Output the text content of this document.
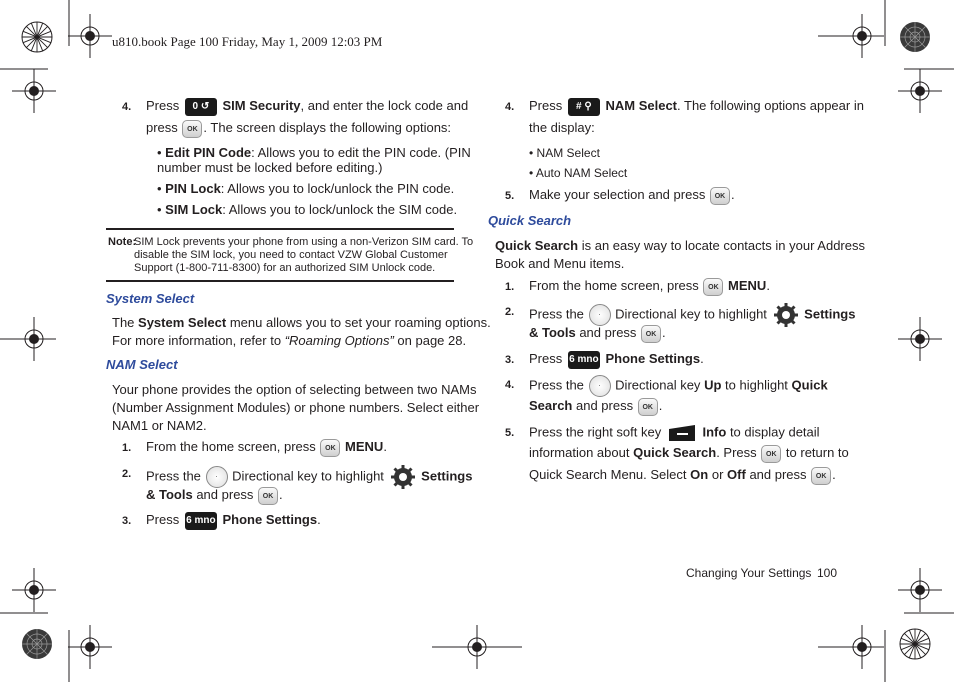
u810.book Page 100 Friday, May 1, 2009 12:03 PM
4. Press 0 ↺ SIM Security, and enter the lock code and
press OK . The screen displays the following options:
• Edit PIN Code: Allows you to edit the PIN code. (PIN
number must be locked before editing.)
• PIN Lock: Allows you to lock/unlock the PIN code.
• SIM Lock: Allows you to lock/unlock the SIM code.
Note:
SIM Lock prevents your phone from using a non-Verizon SIM card. To
disable the SIM lock, you need to contact VZW Global Customer
Support (1-800-711-8300) for an authorized SIM Unlock code.
System Select
The System Select menu allows you to set your roaming options.
For more information, refer to “Roaming Options” on page 28.
NAM Select
Your phone provides the option of selecting between two NAMs
(Number Assignment Modules) or phone numbers. Select either
NAM1 or NAM2.
1. From the home screen, press OK MENU.
2. Press the · Directional key to highlight	Settings
& Tools and press OK .
3. Press 6 mno Phone Settings.
4. Press # ⚲ NAM Select. The following options appear in
the display:
• NAM Select
• Auto NAM Select
5. Make your selection and press OK .
Quick Search
Quick Search is an easy way to locate contacts in your Address
Book and Menu items.
1. From the home screen, press OK MENU.
2. Press the · Directional key to highlight	Settings
& Tools and press OK .
3. Press 6 mno Phone Settings.
4. Press the · Directional key Up to highlight Quick
Search and press OK .
5. Press the right soft key	Info to display detail
information about Quick Search. Press OK to return to
Quick Search Menu. Select On or Off and press OK .
Changing Your Settings 100
